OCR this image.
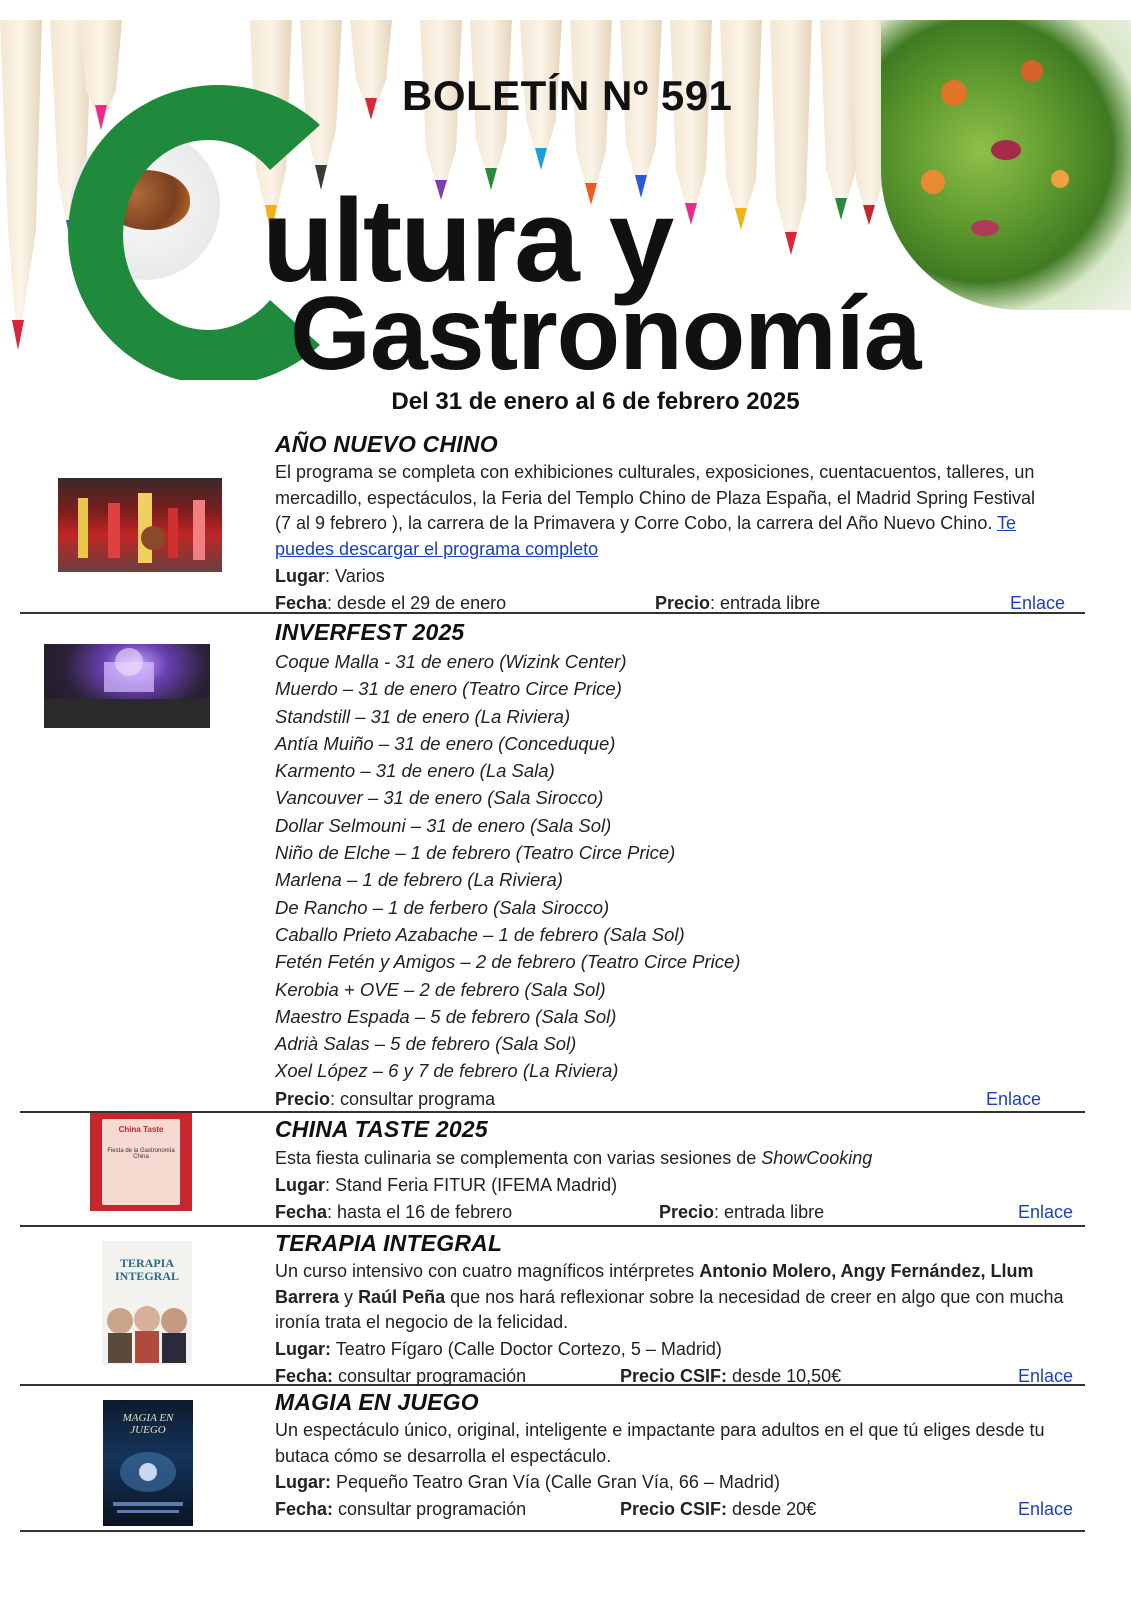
BOLETÍN Nº 591
ultura y
Gastronomía
Del 31 de enero al 6 de febrero 2025
AÑO NUEVO CHINO
El programa se completa con exhibiciones culturales, exposiciones, cuentacuentos, talleres, un mercadillo, espectáculos, la Feria del Templo Chino de Plaza España, el Madrid Spring Festival (7 al 9 febrero ), la carrera de la Primavera y Corre Cobo, la carrera del Año Nuevo Chino. Te puedes descargar el programa completo
Lugar: Varios
Fecha: desde el 29 de enero	Precio: entrada libre	Enlace
INVERFEST 2025
Coque Malla - 31 de enero (Wizink Center)
Muerdo – 31 de enero (Teatro Circe Price)
Standstill – 31 de enero (La Riviera)
Antía Muiño – 31 de enero (Conceduque)
Karmento – 31 de enero (La Sala)
Vancouver – 31 de enero (Sala Sirocco)
Dollar Selmouni – 31 de enero (Sala Sol)
Niño de Elche – 1 de febrero (Teatro Circe Price)
Marlena – 1 de febrero (La Riviera)
De Rancho – 1 de ferbero (Sala Sirocco)
Caballo Prieto Azabache – 1 de febrero (Sala Sol)
Fetén Fetén y Amigos – 2 de febrero (Teatro Circe Price)
Kerobia + OVE – 2 de febrero (Sala Sol)
Maestro Espada – 5 de febrero (Sala Sol)
Adrià Salas – 5 de febrero (Sala Sol)
Xoel López – 6 y 7 de febrero (La Riviera)
Precio: consultar programa	Enlace
China Taste
Fiesta de la Gastronomía China
CHINA TASTE 2025
Esta fiesta culinaria se complementa con varias sesiones de ShowCooking
Lugar: Stand Feria FITUR (IFEMA Madrid)
Fecha: hasta el 16 de febrero	Precio: entrada libre	Enlace
TERAPIA INTEGRAL
TERAPIA INTEGRAL
Un curso intensivo con cuatro magníficos intérpretes Antonio Molero, Angy Fernández, Llum Barrera y Raúl Peña que nos hará reflexionar sobre la necesidad de creer en algo que con mucha ironía trata el negocio de la felicidad.
Lugar: Teatro Fígaro (Calle Doctor Cortezo, 5 – Madrid)
Fecha: consultar programación	Precio CSIF: desde 10,50€	Enlace
MAGIA EN JUEGO
MAGIA EN JUEGO
Un espectáculo único, original, inteligente e impactante para adultos en el que tú eliges desde tu butaca cómo se desarrolla el espectáculo.
Lugar: Pequeño Teatro Gran Vía (Calle Gran Vía, 66 – Madrid)
Fecha: consultar programación	Precio CSIF: desde 20€	Enlace
